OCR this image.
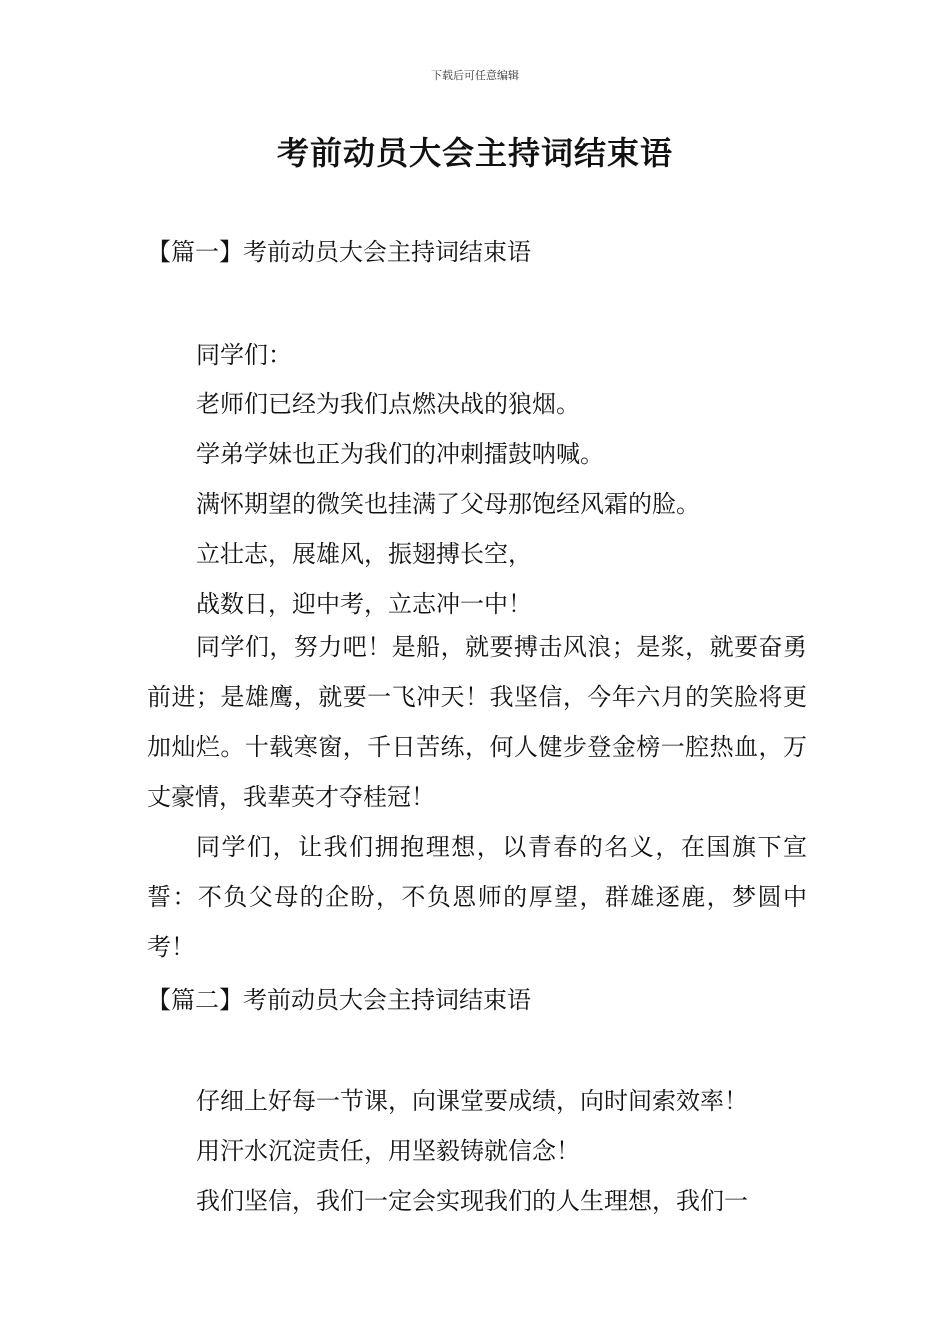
下载后可任意编辑
考前动员大会主持词结束语
【篇一】考前动员大会主持词结束语
同学们：
老师们已经为我们点燃决战的狼烟。
学弟学妹也正为我们的冲刺擂鼓呐喊。
满怀期望的微笑也挂满了父母那饱经风霜的脸。
立壮志，展雄风，振翅搏长空，
战数日，迎中考，立志冲一中！
同学们，努力吧！是船，就要搏击风浪；是浆，就要奋勇前进；是雄鹰，就要一飞冲天！我坚信，今年六月的笑脸将更加灿烂。十载寒窗，千日苦练，何人健步登金榜一腔热血，万丈豪情，我辈英才夺桂冠！
同学们，让我们拥抱理想，以青春的名义，在国旗下宣誓：不负父母的企盼，不负恩师的厚望，群雄逐鹿，梦圆中考！
【篇二】考前动员大会主持词结束语
仔细上好每一节课，向课堂要成绩，向时间索效率！
用汗水沉淀责任，用坚毅铸就信念！
我们坚信，我们一定会实现我们的人生理想，我们一
